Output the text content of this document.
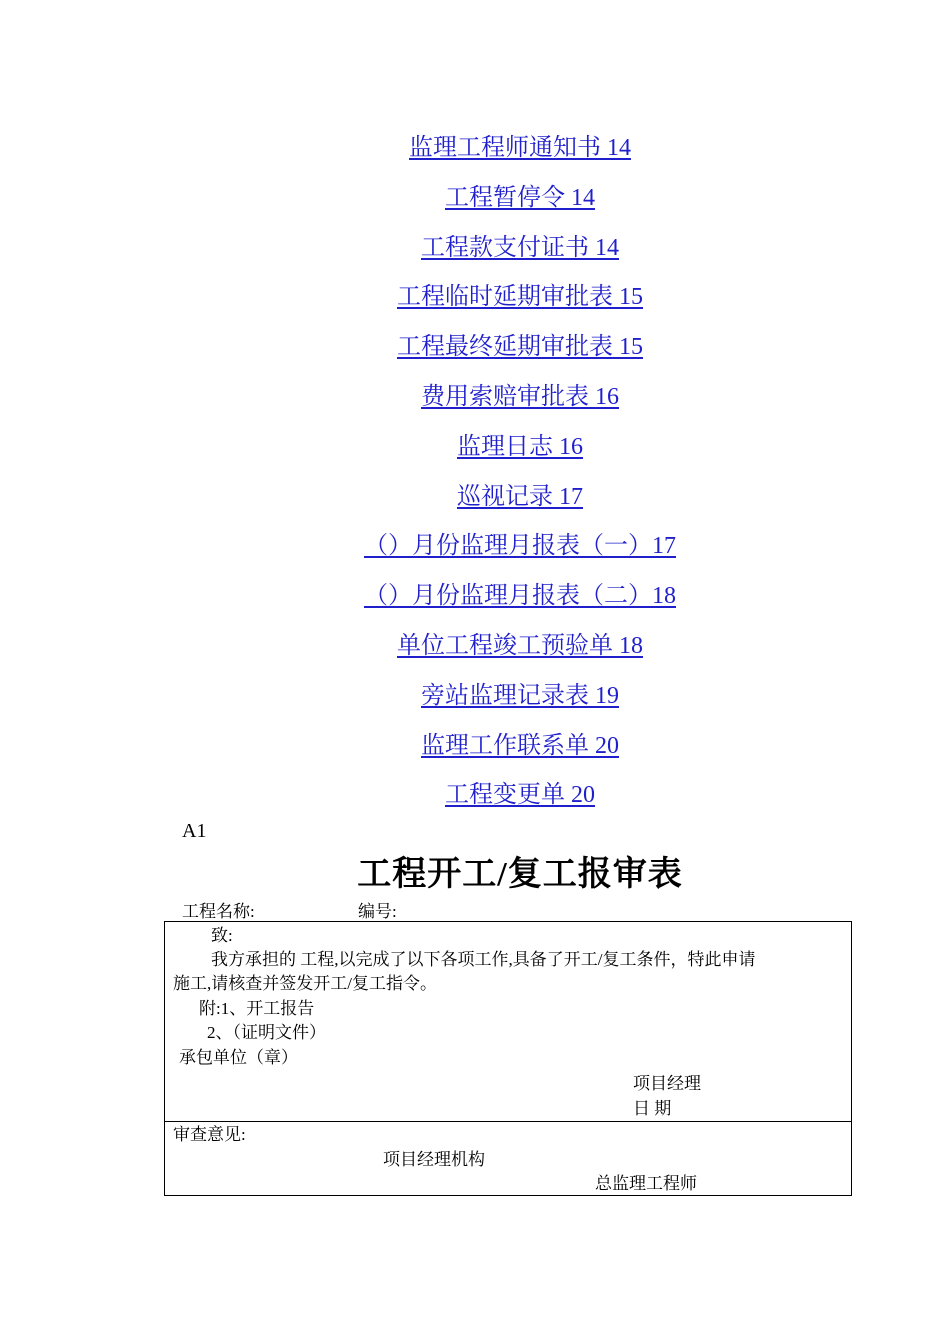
监理工程师通知书 14
工程暂停令 14
工程款支付证书 14
工程临时延期审批表 15
工程最终延期审批表 15
费用索赔审批表 16
监理日志 16
巡视记录 17
（）月份监理月报表（一）17
（）月份监理月报表（二）18
单位工程竣工预验单 18
旁站监理记录表 19
监理工作联系单 20
工程变更单 20
A1
工程开工/复工报审表
工程名称:	编号:
致:
我方承担的 工程,以完成了以下各项工作,具备了开工/复工条件，特此申请
施工,请核查并签发开工/复工指令。
附:1、开工报告
2、（证明文件）
承包单位（章）
项目经理
日 期
审查意见:
项目经理机构
总监理工程师
